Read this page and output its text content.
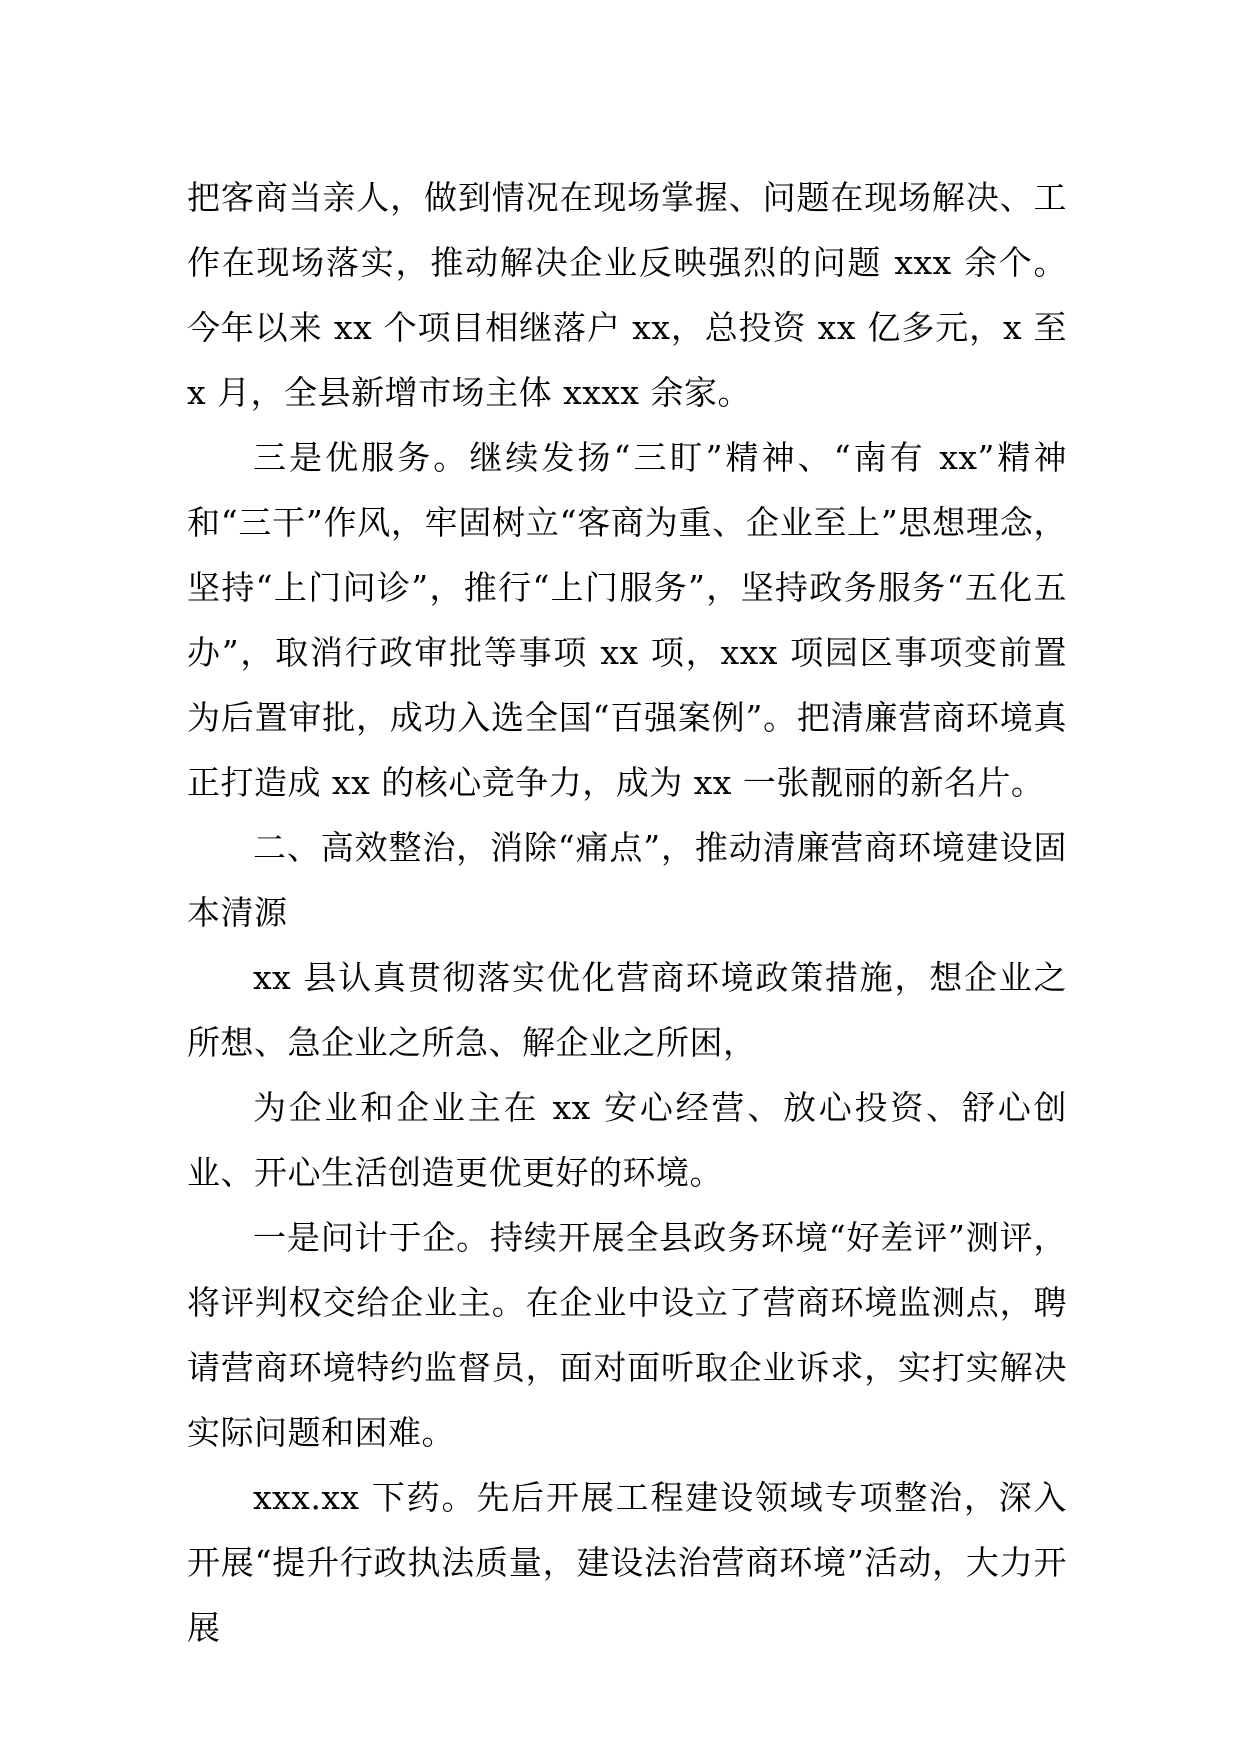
把客商当亲人，做到情况在现场掌握、问题在现场解决、工作在现场落实，推动解决企业反映强烈的问题 xxx 余个。今年以来 xx 个项目相继落户 xx，总投资 xx 亿多元，x 至 x 月，全县新增市场主体 xxxx 余家。

三是优服务。继续发扬“三盯”精神、“南有 xx”精神和“三干”作风，牢固树立“客商为重、企业至上”思想理念，坚持“上门问诊”，推行“上门服务”，坚持政务服务“五化五办”，取消行政审批等事项 xx 项，xxx 项园区事项变前置为后置审批，成功入选全国“百强案例”。把清廉营商环境真正打造成 xx 的核心竞争力，成为 xx 一张靓丽的新名片。

二、高效整治，消除“痛点”，推动清廉营商环境建设固本清源

xx 县认真贯彻落实优化营商环境政策措施，想企业之所想、急企业之所急、解企业之所困，

为企业和企业主在 xx 安心经营、放心投资、舒心创业、开心生活创造更优更好的环境。

一是问计于企。持续开展全县政务环境“好差评”测评，将评判权交给企业主。在企业中设立了营商环境监测点，聘请营商环境特约监督员，面对面听取企业诉求，实打实解决实际问题和困难。

xxx.xx 下药。先后开展工程建设领域专项整治，深入开展“提升行政执法质量，建设法治营商环境”活动，大力开展
